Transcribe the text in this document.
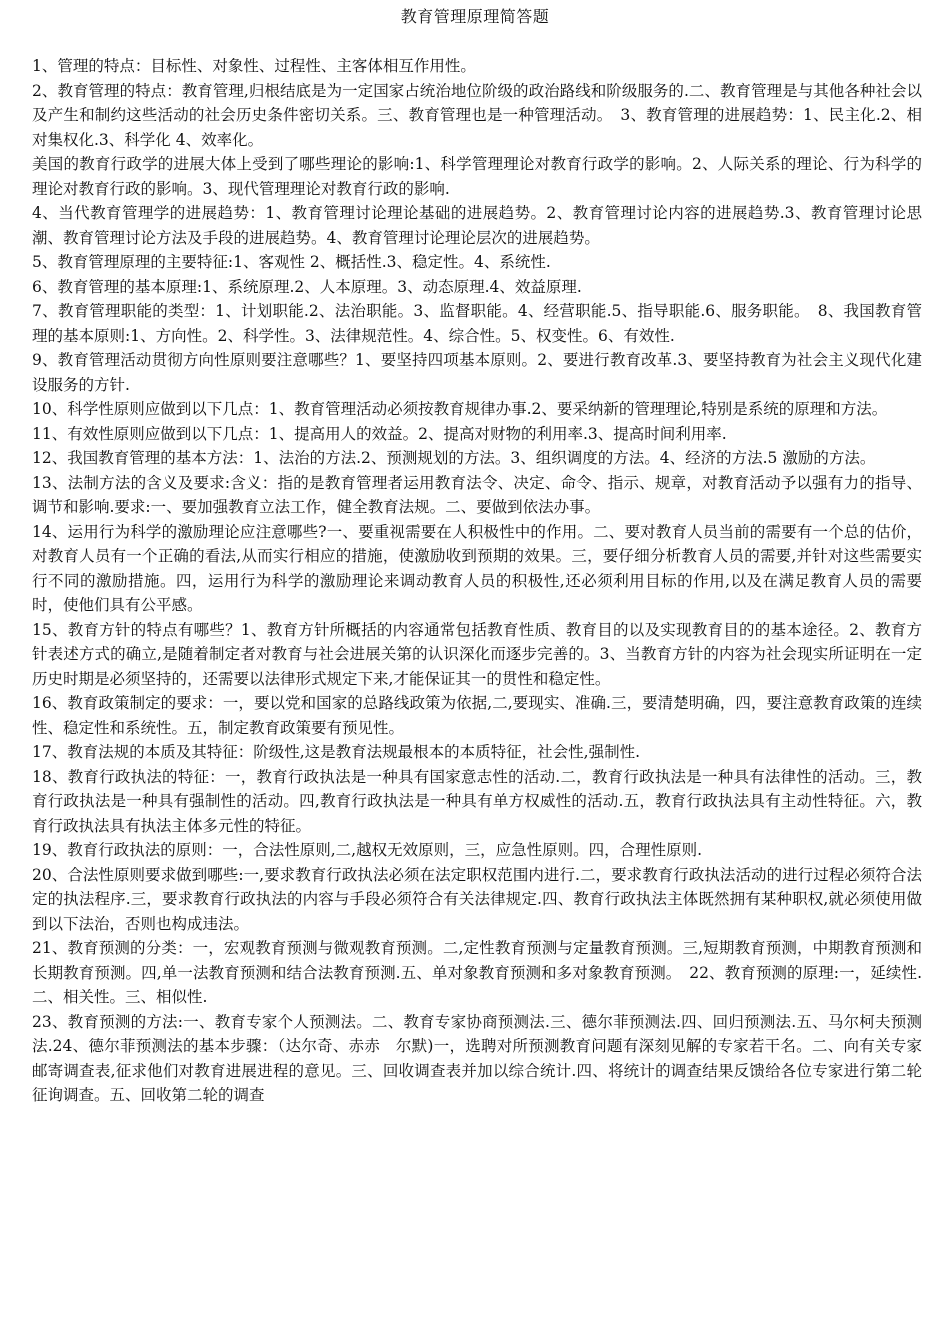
教育管理原理简答题

1、管理的特点：目标性、对象性、过程性、主客体相互作用性。

2、教育管理的特点：教育管理,归根结底是为一定国家占统治地位阶级的政治路线和阶级服务的.二、教育管理是与其他各种社会以及产生和制约这些活动的社会历史条件密切关系。三、教育管理也是一种管理活动。　3、教育管理的进展趋势：1、民主化.2、相对集权化.3、科学化 4、效率化。

美国的教育行政学的进展大体上受到了哪些理论的影响:1、科学管理理论对教育行政学的影响。2、人际关系的理论、行为科学的理论对教育行政的影响。3、现代管理理论对教育行政的影响.

4、当代教育管理学的进展趋势：1、教育管理讨论理论基础的进展趋势。2、教育管理讨论内容的进展趋势.3、教育管理讨论思潮、教育管理讨论方法及手段的进展趋势。4、教育管理讨论理论层次的进展趋势。

5、教育管理原理的主要特征:1、客观性 2、概括性.3、稳定性。4、系统性.

6、教育管理的基本原理:1、系统原理.2、人本原理。3、动态原理.4、效益原理.

7、教育管理职能的类型：1、计划职能.2、法治职能。3、监督职能。4、经营职能.5、指导职能.6、服务职能。　8、我国教育管理的基本原则:1、方向性。2、科学性。3、法律规范性。4、综合性。5、权变性。6、有效性.

9、教育管理活动贯彻方向性原则要注意哪些？1、要坚持四项基本原则。2、要进行教育改革.3、要坚持教育为社会主义现代化建设服务的方针.

10、科学性原则应做到以下几点：1、教育管理活动必须按教育规律办事.2、要采纳新的管理理论,特别是系统的原理和方法。

11、有效性原则应做到以下几点：1、提高用人的效益。2、提高对财物的利用率.3、提高时间利用率.

12、我国教育管理的基本方法：1、法治的方法.2、预测规划的方法。3、组织调度的方法。4、经济的方法.5 激励的方法。

13、法制方法的含义及要求:含义：指的是教育管理者运用教育法令、决定、命令、指示、规章，对教育活动予以强有力的指导、调节和影响.要求:一、要加强教育立法工作，健全教育法规。二、要做到依法办事。

14、运用行为科学的激励理论应注意哪些?一、要重视需要在人积极性中的作用。二、要对教育人员当前的需要有一个总的估价，对教育人员有一个正确的看法,从而实行相应的措施，使激励收到预期的效果。三，要仔细分析教育人员的需要,并针对这些需要实行不同的激励措施。四，运用行为科学的激励理论来调动教育人员的积极性,还必须利用目标的作用,以及在满足教育人员的需要时，使他们具有公平感。

15、教育方针的特点有哪些？1、教育方针所概括的内容通常包括教育性质、教育目的以及实现教育目的的基本途径。2、教育方针表述方式的确立,是随着制定者对教育与社会进展关第的认识深化而逐步完善的。3、当教育方针的内容为社会现实所证明在一定历史时期是必须坚持的，还需要以法律形式规定下来,才能保证其一的贯性和稳定性。

16、教育政策制定的要求：一，要以党和国家的总路线政策为依据,二,要现实、准确.三，要清楚明确，四，要注意教育政策的连续性、稳定性和系统性。五，制定教育政策要有预见性。

17、教育法规的本质及其特征：阶级性,这是教育法规最根本的本质特征，社会性,强制性.

18、教育行政执法的特征：一，教育行政执法是一种具有国家意志性的活动.二，教育行政执法是一种具有法律性的活动。三，教育行政执法是一种具有强制性的活动。四,教育行政执法是一种具有单方权威性的活动.五，教育行政执法具有主动性特征。六，教育行政执法具有执法主体多元性的特征。

19、教育行政执法的原则：一，合法性原则,二,越权无效原则，三，应急性原则。四，合理性原则.

20、合法性原则要求做到哪些:一,要求教育行政执法必须在法定职权范围内进行.二，要求教育行政执法活动的进行过程必须符合法定的执法程序.三，要求教育行政执法的内容与手段必须符合有关法律规定.四、教育行政执法主体既然拥有某种职权,就必须使用做到以下法治，否则也构成违法。

21、教育预测的分类：一，宏观教育预测与微观教育预测。二,定性教育预测与定量教育预测。三,短期教育预测，中期教育预测和长期教育预测。四,单一法教育预测和结合法教育预测.五、单对象教育预测和多对象教育预测。　22、教育预测的原理:一，延续性.二、相关性。三、相似性.

23、教育预测的方法:一、教育专家个人预测法。二、教育专家协商预测法.三、德尔菲预测法.四、回归预测法.五、马尔柯夫预测法.24、德尔菲预测法的基本步骤：（达尔奇、赤赤　尔默)一，选聘对所预测教育问题有深刻见解的专家若干名。二、向有关专家邮寄调查表,征求他们对教育进展进程的意见。三、回收调查表并加以综合统计.四、将统计的调查结果反馈给各位专家进行第二轮征询调查。五、回收第二轮的调查
